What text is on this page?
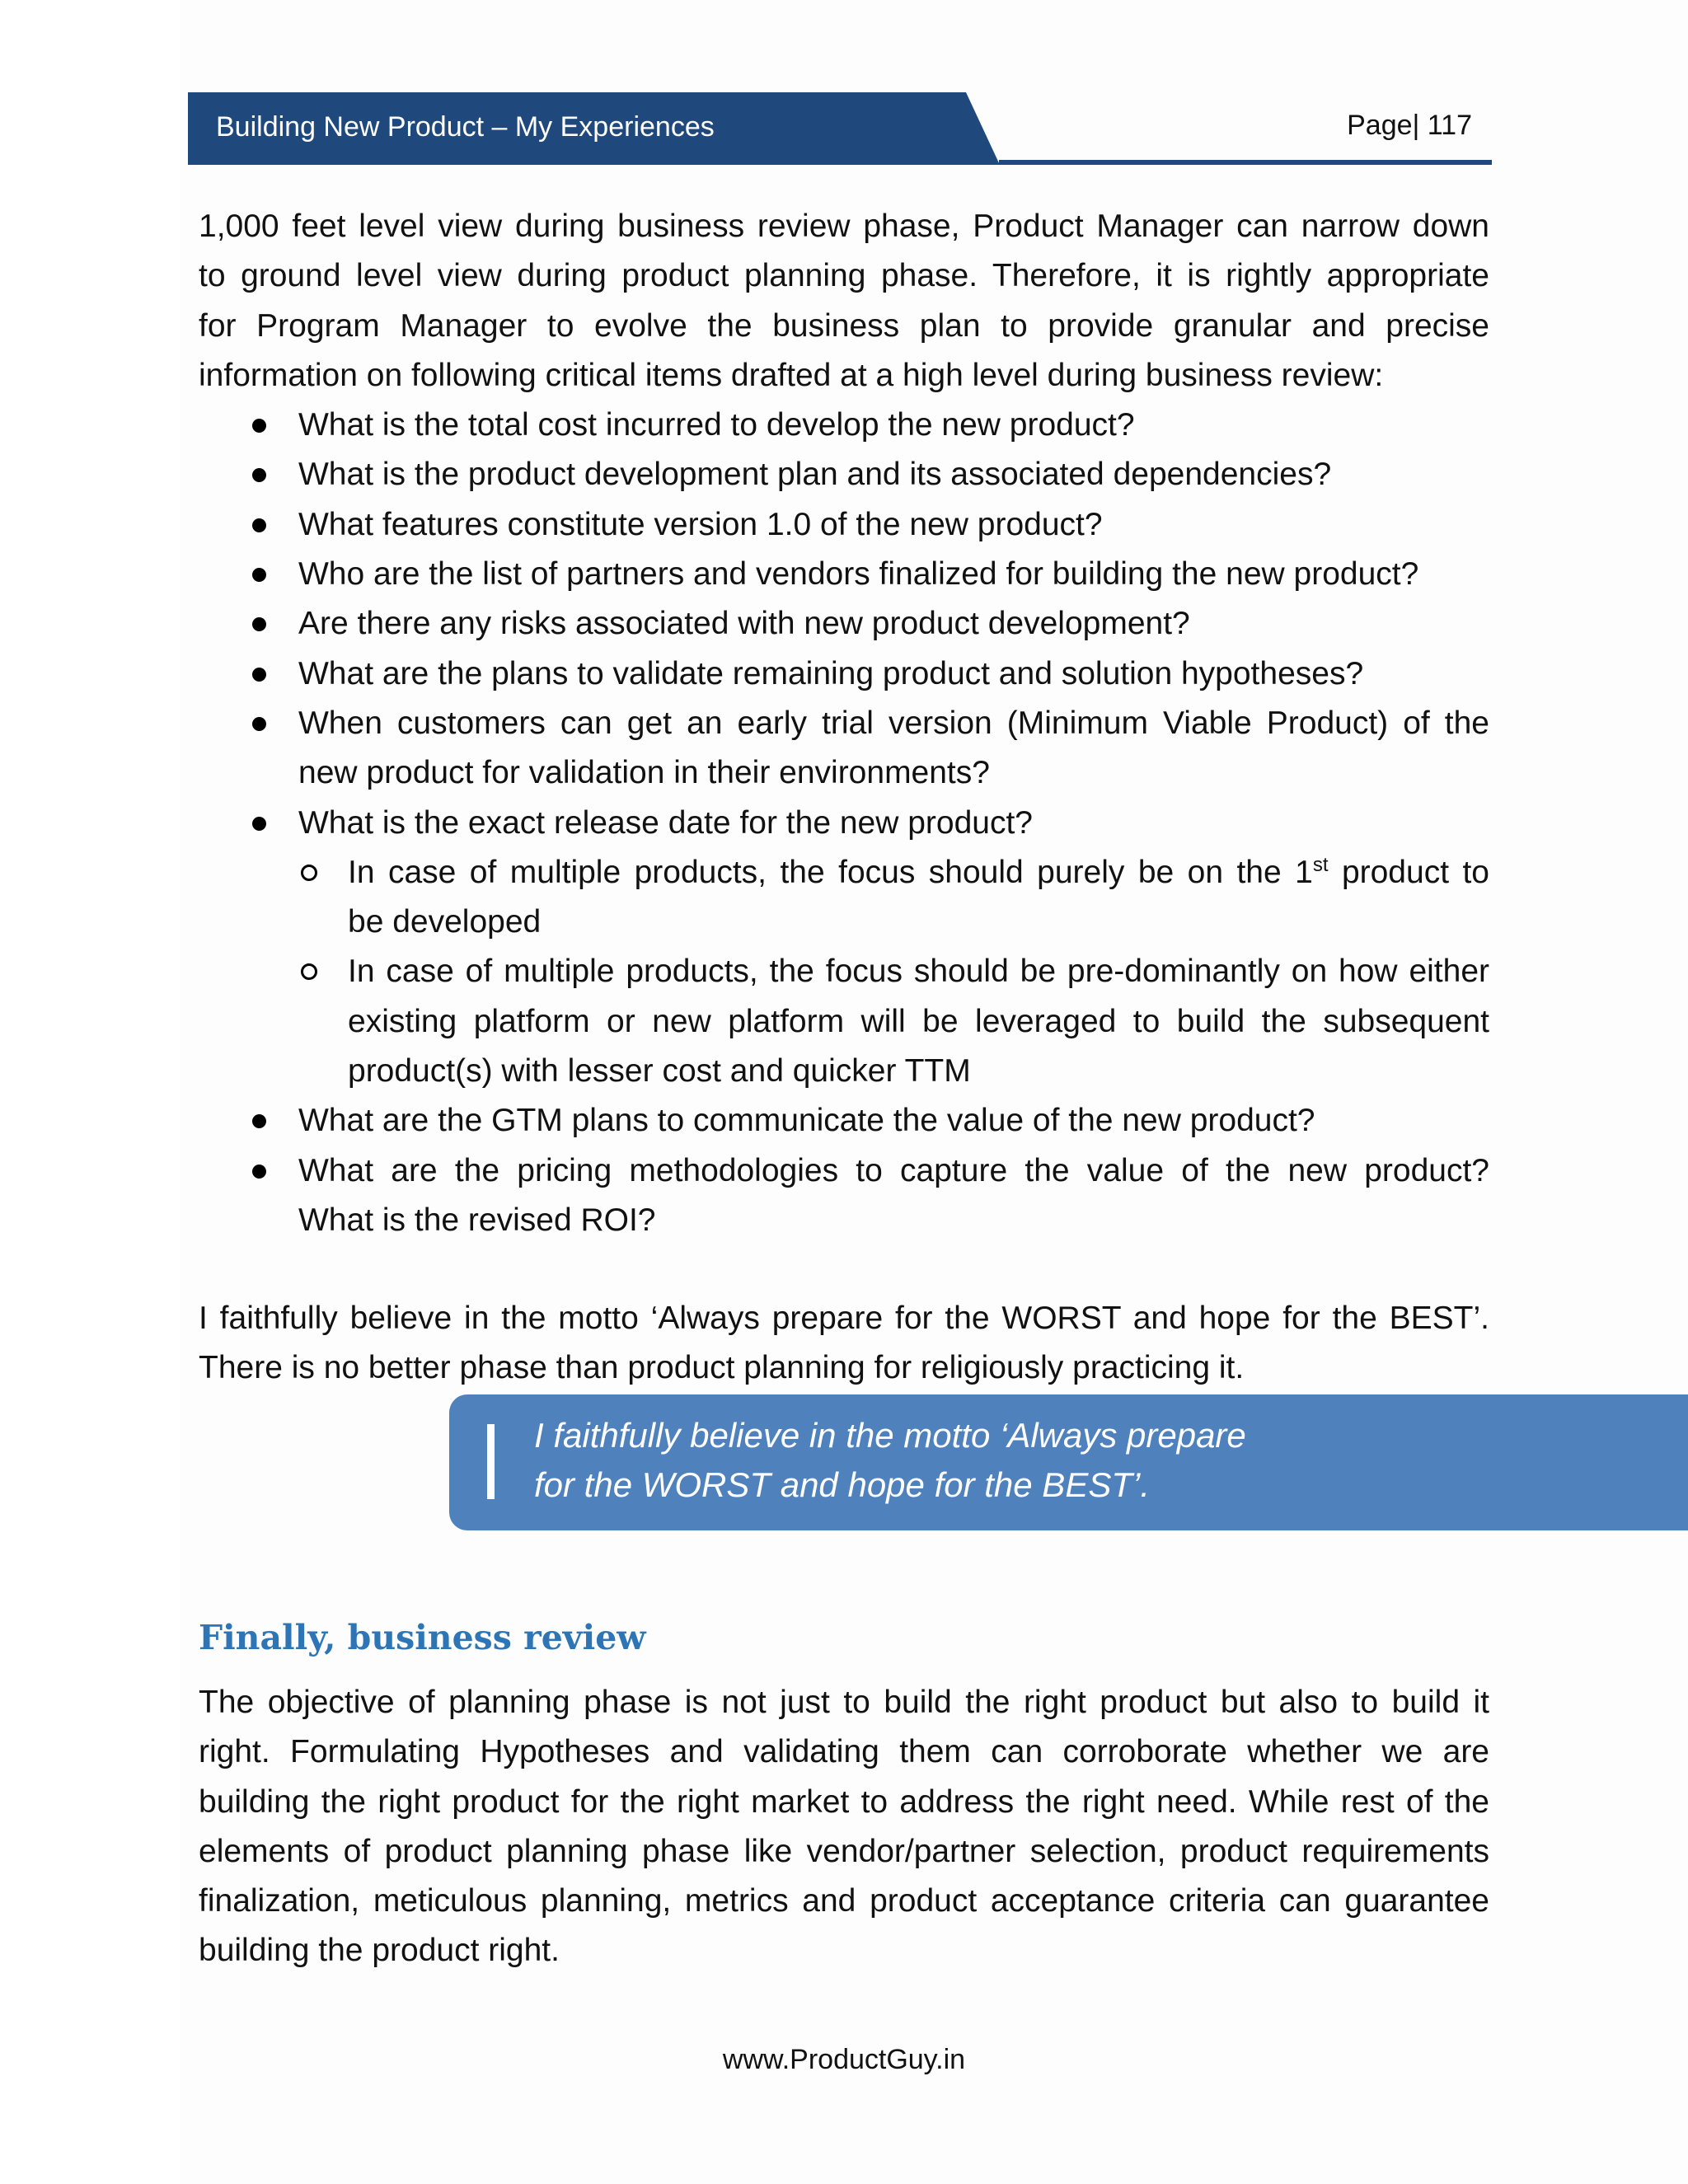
Building New Product – My Experiences	Page| 117
1,000 feet level view during business review phase, Product Manager can narrow down
to ground level view during product planning phase. Therefore, it is rightly appropriate
for Program Manager to evolve the business plan to provide granular and precise
information on following critical items drafted at a high level during business review:
What is the total cost incurred to develop the new product?
What is the product development plan and its associated dependencies?
What features constitute version 1.0 of the new product?
Who are the list of partners and vendors finalized for building the new product?
Are there any risks associated with new product development?
What are the plans to validate remaining product and solution hypotheses?
When customers can get an early trial version (Minimum Viable Product) of the
new product for validation in their environments?
What is the exact release date for the new product?
In case of multiple products, the focus should purely be on the 1st product to
be developed
In case of multiple products, the focus should be pre-dominantly on how either
existing platform or new platform will be leveraged to build the subsequent
product(s) with lesser cost and quicker TTM
What are the GTM plans to communicate the value of the new product?
What are the pricing methodologies to capture the value of the new product?
What is the revised ROI?
I faithfully believe in the motto ‘Always prepare for the WORST and hope for the BEST’.
There is no better phase than product planning for religiously practicing it.
I faithfully believe in the motto ‘Always prepare
for the WORST and hope for the BEST’.
Finally, business review
The objective of planning phase is not just to build the right product but also to build it
right. Formulating Hypotheses and validating them can corroborate whether we are
building the right product for the right market to address the right need. While rest of the
elements of product planning phase like vendor/partner selection, product requirements
finalization, meticulous planning, metrics and product acceptance criteria can guarantee
building the product right.
www.ProductGuy.in
